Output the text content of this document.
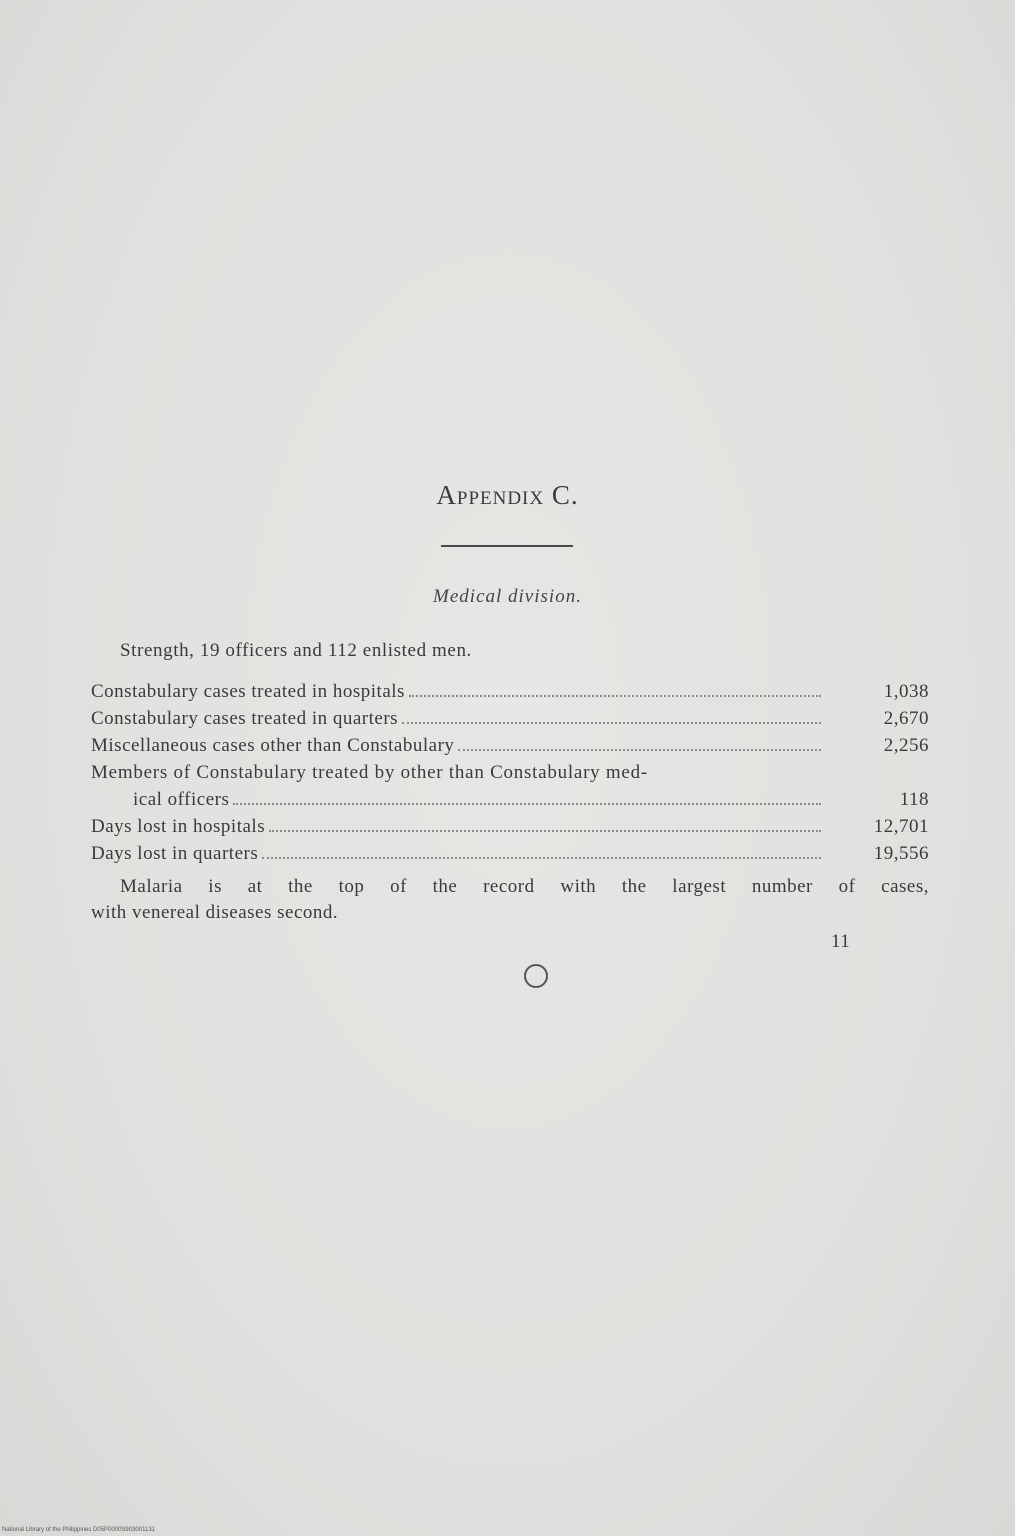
Appendix C.
Medical division.
Strength, 19 officers and 112 enlisted men.
Constabulary cases treated in hospitals	1,038
Constabulary cases treated in quarters	2,670
Miscellaneous cases other than Constabulary	2,256
Members of Constabulary treated by other than Constabulary med-
ical officers	118
Days lost in hospitals	12,701
Days lost in quarters	19,556
Malaria is at the top of the record with the largest number of cases,
with venereal diseases second.
11
National Library of the Philippines D05P0000S903001131
